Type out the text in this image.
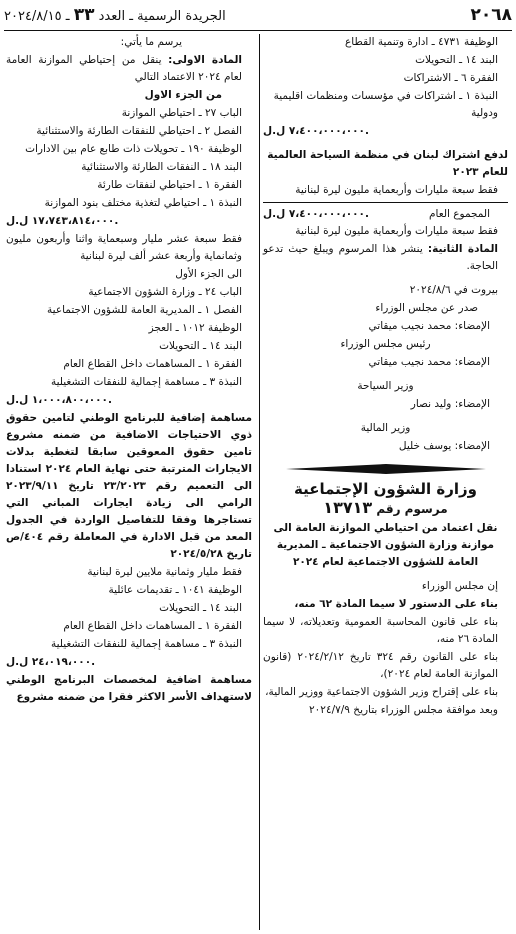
٢٠٦٨
الجريدة الرسمية ـ العدد ٣٣ ـ ٢٠٢٤/٨/١٥

الوظيفة ٤٧٣١ ـ ادارة وتنمية القطاع

البند ١٤ ـ التحويلات

الفقرة ٦ ـ الاشتراكات

النبذة ١ ـ اشتراكات في مؤسسات ومنظمات اقليمية ودولية

٧،٤٠٠،٠٠٠،٠٠٠ ل.ل.

لدفع اشتراك لبنان في منظمة السياحة العالمية للعام ٢٠٢٣

فقط سبعة مليارات وأربعماية مليون ليرة لبنانية

المجموع العام
٧،٤٠٠،٠٠٠،٠٠٠ ل.ل.

فقط سبعة مليارات وأربعماية مليون ليرة لبنانية

المادة الثانية: ينشر هذا المرسوم ويبلغ حيث تدعو الحاجة.

بيروت في ٢٠٢٤/٨/٦

صدر عن مجلس الوزراء

الإمضاء: محمد نجيب ميقاتي

رئيس مجلس الوزراء

الإمضاء: محمد نجيب ميقاتي

وزير السياحة

الإمضاء: وليد نصار

وزير المالية

الإمضاء: يوسف خليل

وزارة الشؤون الإجتماعية

مرسوم رقم ١٣٧١٣

نقل اعتماد من احتياطي الموازنة العامة الى موازنة وزارة الشؤون الاجتماعية ـ المديرية العامة للشؤون الاجتماعية لعام ٢٠٢٤

إن مجلس الوزراء

بناء على الدستور لا سيما المادة ٦٢ منه،

بناء على قانون المحاسبة العمومية وتعديلاته، لا سيما المادة ٢٦ منه،

بناء على القانون رقم ٣٢٤ تاريخ ٢٠٢٤/٢/١٢ (قانون الموازنة العامة لعام ٢٠٢٤)،

بناء على إقتراح وزير الشؤون الاجتماعية ووزير المالية،

وبعد موافقة مجلس الوزراء بتاريخ ٢٠٢٤/٧/٩

يرسم ما يأتي:

المادة الاولى: ينقل من إحتياطي الموازنة العامة لعام ٢٠٢٤ الاعتماد التالي

من الجزء الاول

الباب ٢٧ ـ احتياطي الموازنة

الفصل ٢ ـ احتياطي للنفقات الطارئة والاستثنائية

الوظيفة ١٩٠ ـ تحويلات ذات طابع عام بين الادارات

البند ١٨ ـ النفقات الطارئة والاستثنائية

الفقرة ١ ـ احتياطي لنفقات طارئة

النبذة ١ ـ احتياطي لتغذية مختلف بنود الموازنة

١٧،٧٤٣،٨١٤،٠٠٠ ل.ل.

فقط سبعة عشر مليار وسبعماية واثنا وأربعون مليون وثمانماية وأربعة عشر ألف ليرة لبنانية

الى الجزء الأول

الباب ٢٤ ـ وزارة الشؤون الاجتماعية

الفصل ١ ـ المديرية العامة للشؤون الاجتماعية

الوظيفة ١٠١٢ ـ العجز

البند ١٤ ـ التحويلات

الفقرة ١ ـ المساهمات داخل القطاع العام

النبذة ٣ ـ مساهمة إجمالية للنفقات التشغيلية

١،٠٠٠،٨٠٠،٠٠٠ ل.ل.

مساهمة إضافية للبرنامج الوطني لتامين حقوق ذوي الاحتياجات الاضافية من ضمنه مشروع تامين حقوق المعوقين سابقا لتغطية بدلات الايجارات المترتبة حتى نهاية العام ٢٠٢٤ استنادا الى التعميم رقم ٢٣/٢٠٢٣ تاريخ ٢٠٢٣/٩/١١ الرامي الى زيادة ايجارات المباني التي تستاجرها وفقا للتفاصيل الواردة في الجدول المعد من قبل الادارة في المعاملة رقم ٤٠٤/ص تاريخ ٢٠٢٤/٥/٢٨

فقط مليار وثمانية ملايين ليرة لبنانية

الوظيفة ١٠٤١ ـ تقديمات عائلية

البند ١٤ ـ التحويلات

الفقرة ١ ـ المساهمات داخل القطاع العام

النبذة ٣ ـ مساهمة إجمالية للنفقات التشغيلية

٢٤،٠١٩،٠٠٠ ل.ل.

مساهمة اضافية لمخصصات البرنامج الوطني لاستهداف الأسر الاكثر فقرا من ضمنه مشروع
